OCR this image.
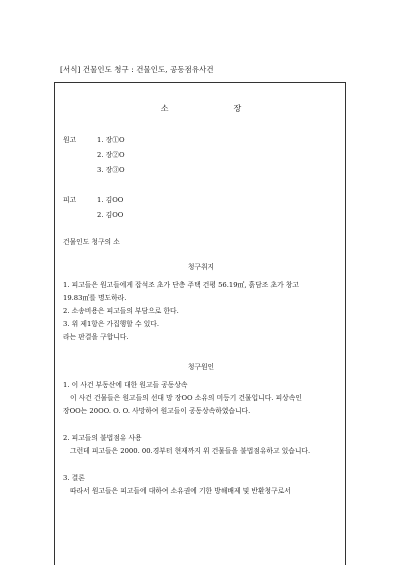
[서식] 건물인도 청구 : 건물인도, 공동점유사건
소	장
원고	1. 장①O
2. 장②O
3. 장③O
피고	1. 김OO
2. 김OO
건물인도 청구의 소
청구취지
1. 피고들은 원고들에게 잡석조 초가 단층 주택 건평 56.19㎡, 흙담조 초가 창고
19.83㎡를 명도하라.
2. 소송비용은 피고들의 부담으로 한다.
3. 위 제1항은 가집행할 수 있다.
라는 판결을 구합니다.
청구원인
1. 이 사건 부동산에 대한 원고들 공동상속
이 사건 건물들은 원고들의 선대 망 장OO 소유의 미등기 건물입니다. 피상속인
장OO는 20OO. O. O. 사망하여 원고들이 공동상속하였습니다.
2. 피고들의 불법점유 사용
그런데 피고들은 2000. 00.경부터 현재까지 위 건물들을 불법점유하고 있습니다.
3. 결론
따라서 원고들은 피고들에 대하여 소유권에 기한 방해배제 및 반환청구로서
